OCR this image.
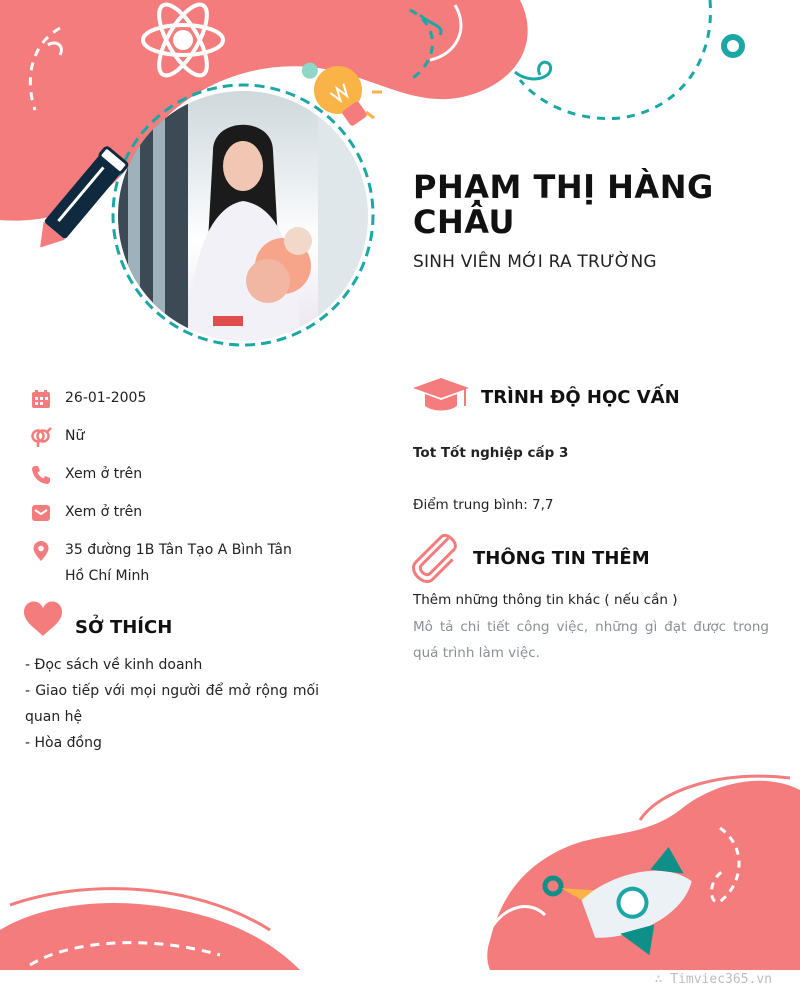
PHẠM THỊ HÀNG CHÂU
SINH VIÊN MỚI RA TRƯỜNG
26-01-2005
Nữ
Xem ở trên
Xem ở trên
35 đường 1B Tân Tạo A Bình Tân Hồ Chí Minh
SỞ THÍCH
- Đọc sách về kinh doanh
- Giao tiếp với mọi người để mở rộng mối quan hệ
- Hòa đồng
TRÌNH ĐỘ HỌC VẤN
Tot Tốt nghiệp cấp 3
Điểm trung bình: 7,7
THÔNG TIN THÊM
Thêm những thông tin khác ( nếu cần )
Mô tả chi tiết công việc, những gì đạt được trong quá trình làm việc.
∴ Timviec365.vn
